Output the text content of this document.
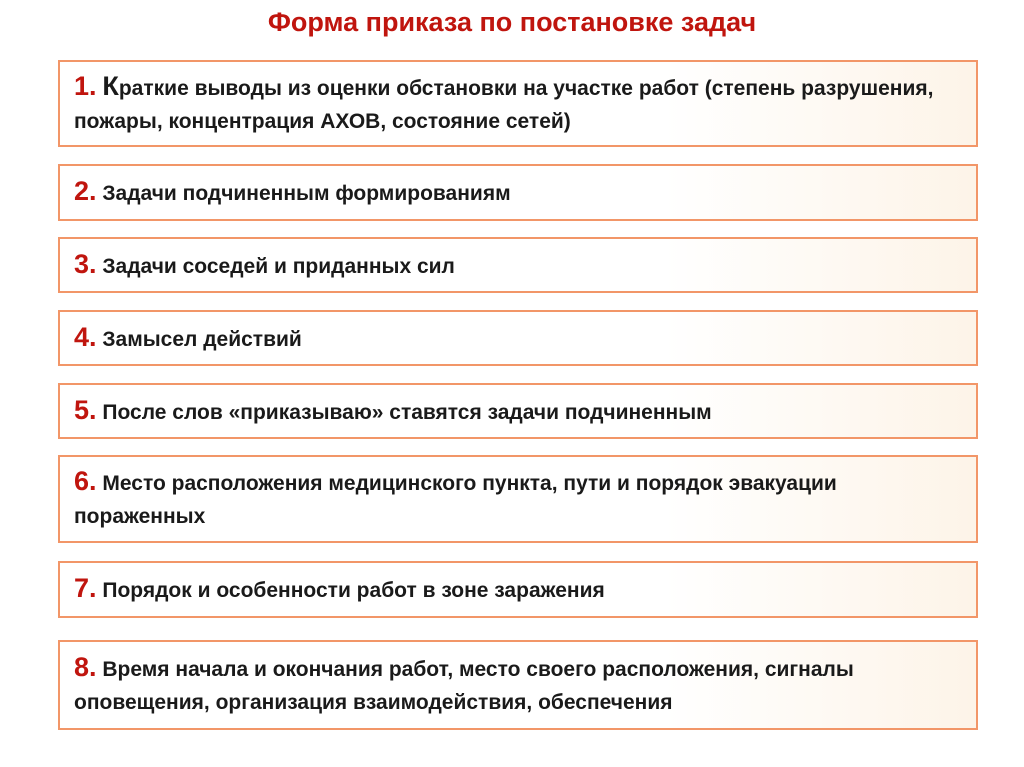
Форма приказа по постановке задач
1. Краткие выводы из оценки обстановки на участке работ (степень разрушения, пожары, концентрация АХОВ, состояние сетей)
2. Задачи подчиненным формированиям
3. Задачи соседей и приданных сил
4. Замысел действий
5. После слов «приказываю» ставятся задачи подчиненным
6. Место расположения медицинского пункта, пути и порядок эвакуации пораженных
7. Порядок и особенности работ в зоне заражения
8. Время начала и окончания работ, место своего расположения, сигналы оповещения, организация взаимодействия, обеспечения
